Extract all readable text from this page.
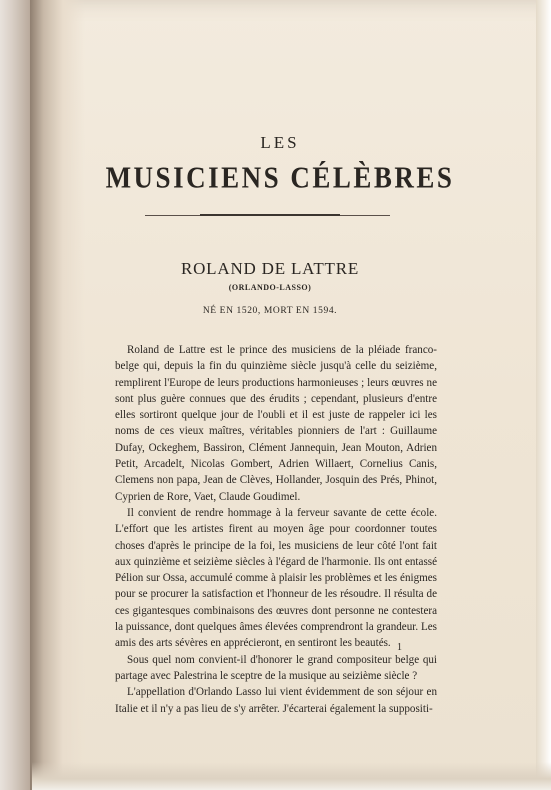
LES
MUSICIENS CÉLÈBRES
ROLAND DE LATTRE
(ORLANDO-LASSO)
NÉ EN 1520, MORT EN 1594.

Roland de Lattre est le prince des musiciens de la pléiade franco-belge qui, depuis la fin du quinzième siècle jusqu'à celle du seizième, remplirent l'Europe de leurs productions harmonieuses ; leurs œuvres ne sont plus guère connues que des érudits ; cependant, plusieurs d'entre elles sortiront quelque jour de l'oubli et il est juste de rappeler ici les noms de ces vieux maîtres, véritables pionniers de l'art : Guillaume Dufay, Ockeghem, Bassiron, Clément Jannequin, Jean Mouton, Adrien Petit, Arcadelt, Nicolas Gombert, Adrien Willaert, Cornelius Canis, Clemens non papa, Jean de Clèves, Hollander, Josquin des Prés, Phinot, Cyprien de Rore, Vaet, Claude Goudimel.

Il convient de rendre hommage à la ferveur savante de cette école. L'effort que les artistes firent au moyen âge pour coordonner toutes choses d'après le principe de la foi, les musiciens de leur côté l'ont fait aux quinzième et seizième siècles à l'égard de l'harmonie. Ils ont entassé Pélion sur Ossa, accumulé comme à plaisir les problèmes et les énigmes pour se procurer la satisfaction et l'honneur de les résoudre. Il résulta de ces gigantesques combinaisons des œuvres dont personne ne contestera la puissance, dont quelques âmes élevées comprendront la grandeur. Les amis des arts sévères en apprécieront, en sentiront les beautés.

Sous quel nom convient-il d'honorer le grand compositeur belge qui partage avec Palestrina le sceptre de la musique au seizième siècle ?

L'appellation d'Orlando Lasso lui vient évidemment de son séjour en Italie et il n'y a pas lieu de s'y arrêter. J'écarterai également la suppositi-

1
